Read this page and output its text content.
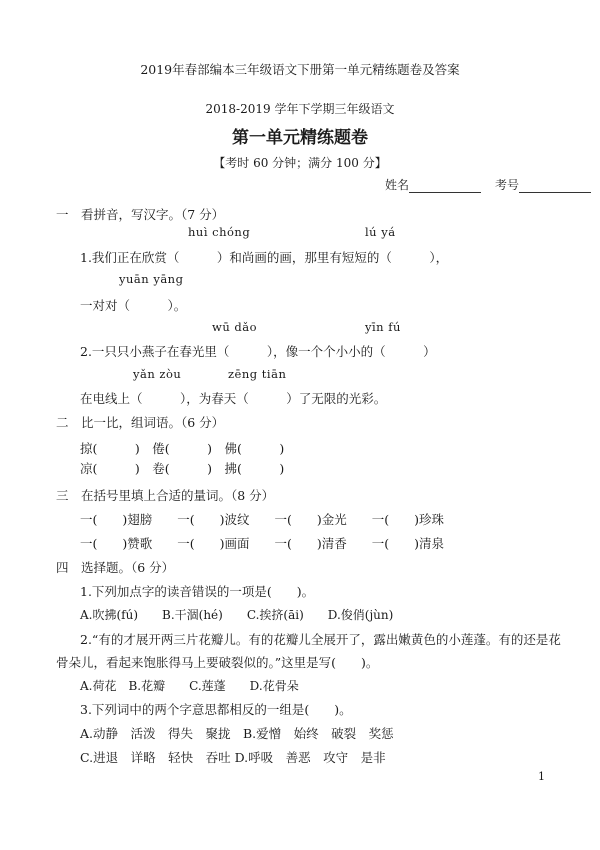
2019年春部编本三年级语文下册第一单元精练题卷及答案
2018-2019 学年下学期三年级语文
第一单元精练题卷
【考时 60 分钟；满分 100 分】
姓名	考号
一　看拼音，写汉字。（7 分）
huì chóng	lú yá
1.我们正在欣赏（　　　）和尚画的画，那里有短短的（　　　），
yuān yāng
一对对（　　　）。
wū dǎo	yīn fú
2.一只只小燕子在春光里（　　　），像一个个小小的（　　　）
yǎn zòu	zēng tiān
在电线上（　　　），为春天（　　　）了无限的光彩。
二　比一比，组词语。（6 分）
掠(　　　)　倦(　　　)　佛(　　　)
凉(　　　)　卷(　　　)　拂(　　　)
三　在括号里填上合适的量词。（8 分）
一(　　)翅膀　　一(　　)波纹　　一(　　)金光　　一(　　)珍珠
一(　　)赞歌　　一(　　)画面　　一(　　)清香　　一(　　)清泉
四　选择题。（6 分）
1.下列加点字的读音错误的一项是(　　)。
A.吹拂(fú)　　B.干涸(hé)　　C.挨挤(āi)　　D.俊俏(jùn)
2.“有的才展开两三片花瓣儿。有的花瓣儿全展开了，露出嫩黄色的小莲蓬。有的还是花
骨朵儿，看起来饱胀得马上要破裂似的。”这里是写(　　)。
A.荷花　B.花瓣　　C.莲蓬　　D.花骨朵
3.下列词中的两个字意思都相反的一组是(　　)。
A.动静　活泼　得失　聚拢　B.爱憎　始终　破裂　奖惩
C.进退　详略　轻快　吞吐 D.呼吸　善恶　攻守　是非
1
